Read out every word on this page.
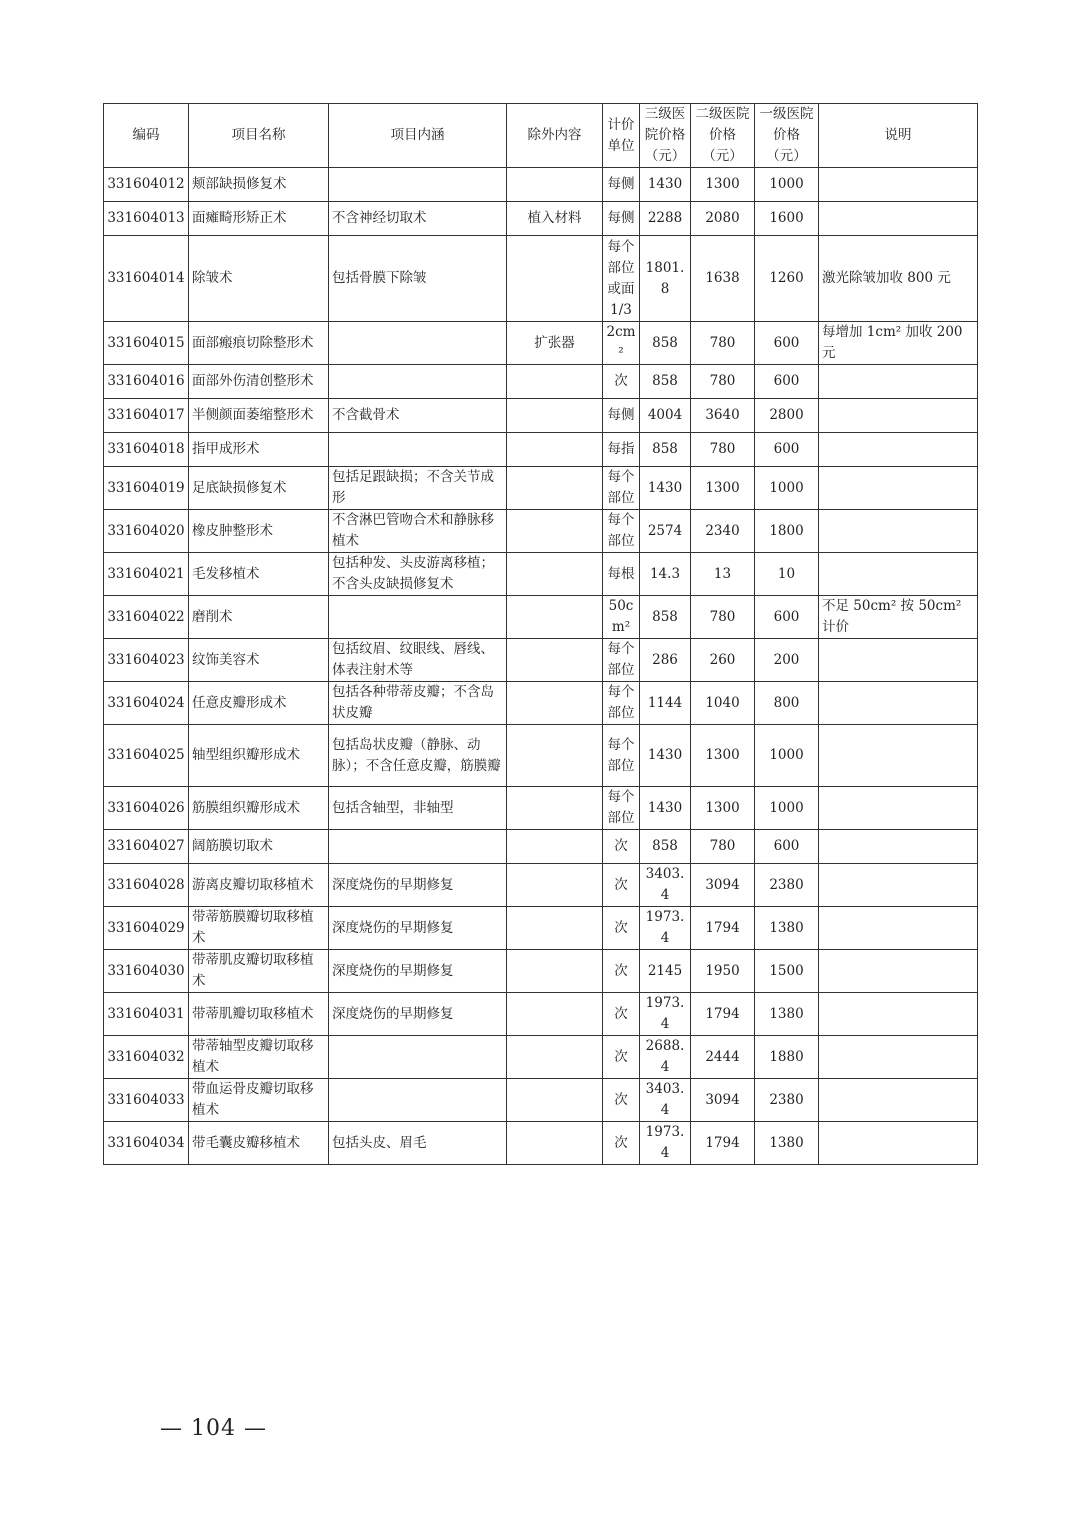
编码	项目名称	项目内涵	除外内容	计价单位	三级医院价格（元）	二级医院价格（元）	一级医院价格（元）	说明
331604012	颊部缺损修复术			每侧	1430	1300	1000	
331604013	面瘫畸形矫正术	不含神经切取术	植入材料	每侧	2288	2080	1600	
331604014	除皱术	包括骨膜下除皱		每个部位或面1/3	1801.8	1638	1260	激光除皱加收 800 元
331604015	面部瘢痕切除整形术		扩张器	2cm²	858	780	600	每增加 1cm² 加收 200 元
331604016	面部外伤清创整形术			次	858	780	600	
331604017	半侧颜面萎缩整形术	不含截骨术		每侧	4004	3640	2800	
331604018	指甲成形术			每指	858	780	600	
331604019	足底缺损修复术	包括足跟缺损；不含关节成形		每个部位	1430	1300	1000	
331604020	橡皮肿整形术	不含淋巴管吻合术和静脉移植术		每个部位	2574	2340	1800	
331604021	毛发移植术	包括种发、头皮游离移植；不含头皮缺损修复术		每根	14.3	13	10	
331604022	磨削术			50cm²	858	780	600	不足 50cm² 按 50cm² 计价
331604023	纹饰美容术	包括纹眉、纹眼线、唇线、体表注射术等		每个部位	286	260	200	
331604024	任意皮瓣形成术	包括各种带蒂皮瓣；不含岛状皮瓣		每个部位	1144	1040	800	
331604025	轴型组织瓣形成术	包括岛状皮瓣（静脉、动脉）；不含任意皮瓣，筋膜瓣		每个部位	1430	1300	1000	
331604026	筋膜组织瓣形成术	包括含轴型，非轴型		每个部位	1430	1300	1000	
331604027	阔筋膜切取术			次	858	780	600	
331604028	游离皮瓣切取移植术	深度烧伤的早期修复		次	3403.4	3094	2380	
331604029	带蒂筋膜瓣切取移植术	深度烧伤的早期修复		次	1973.4	1794	1380	
331604030	带蒂肌皮瓣切取移植术	深度烧伤的早期修复		次	2145	1950	1500	
331604031	带蒂肌瓣切取移植术	深度烧伤的早期修复		次	1973.4	1794	1380	
331604032	带蒂轴型皮瓣切取移植术			次	2688.4	2444	1880	
331604033	带血运骨皮瓣切取移植术			次	3403.4	3094	2380	
331604034	带毛囊皮瓣移植术	包括头皮、眉毛		次	1973.4	1794	1380	
— 104 —
